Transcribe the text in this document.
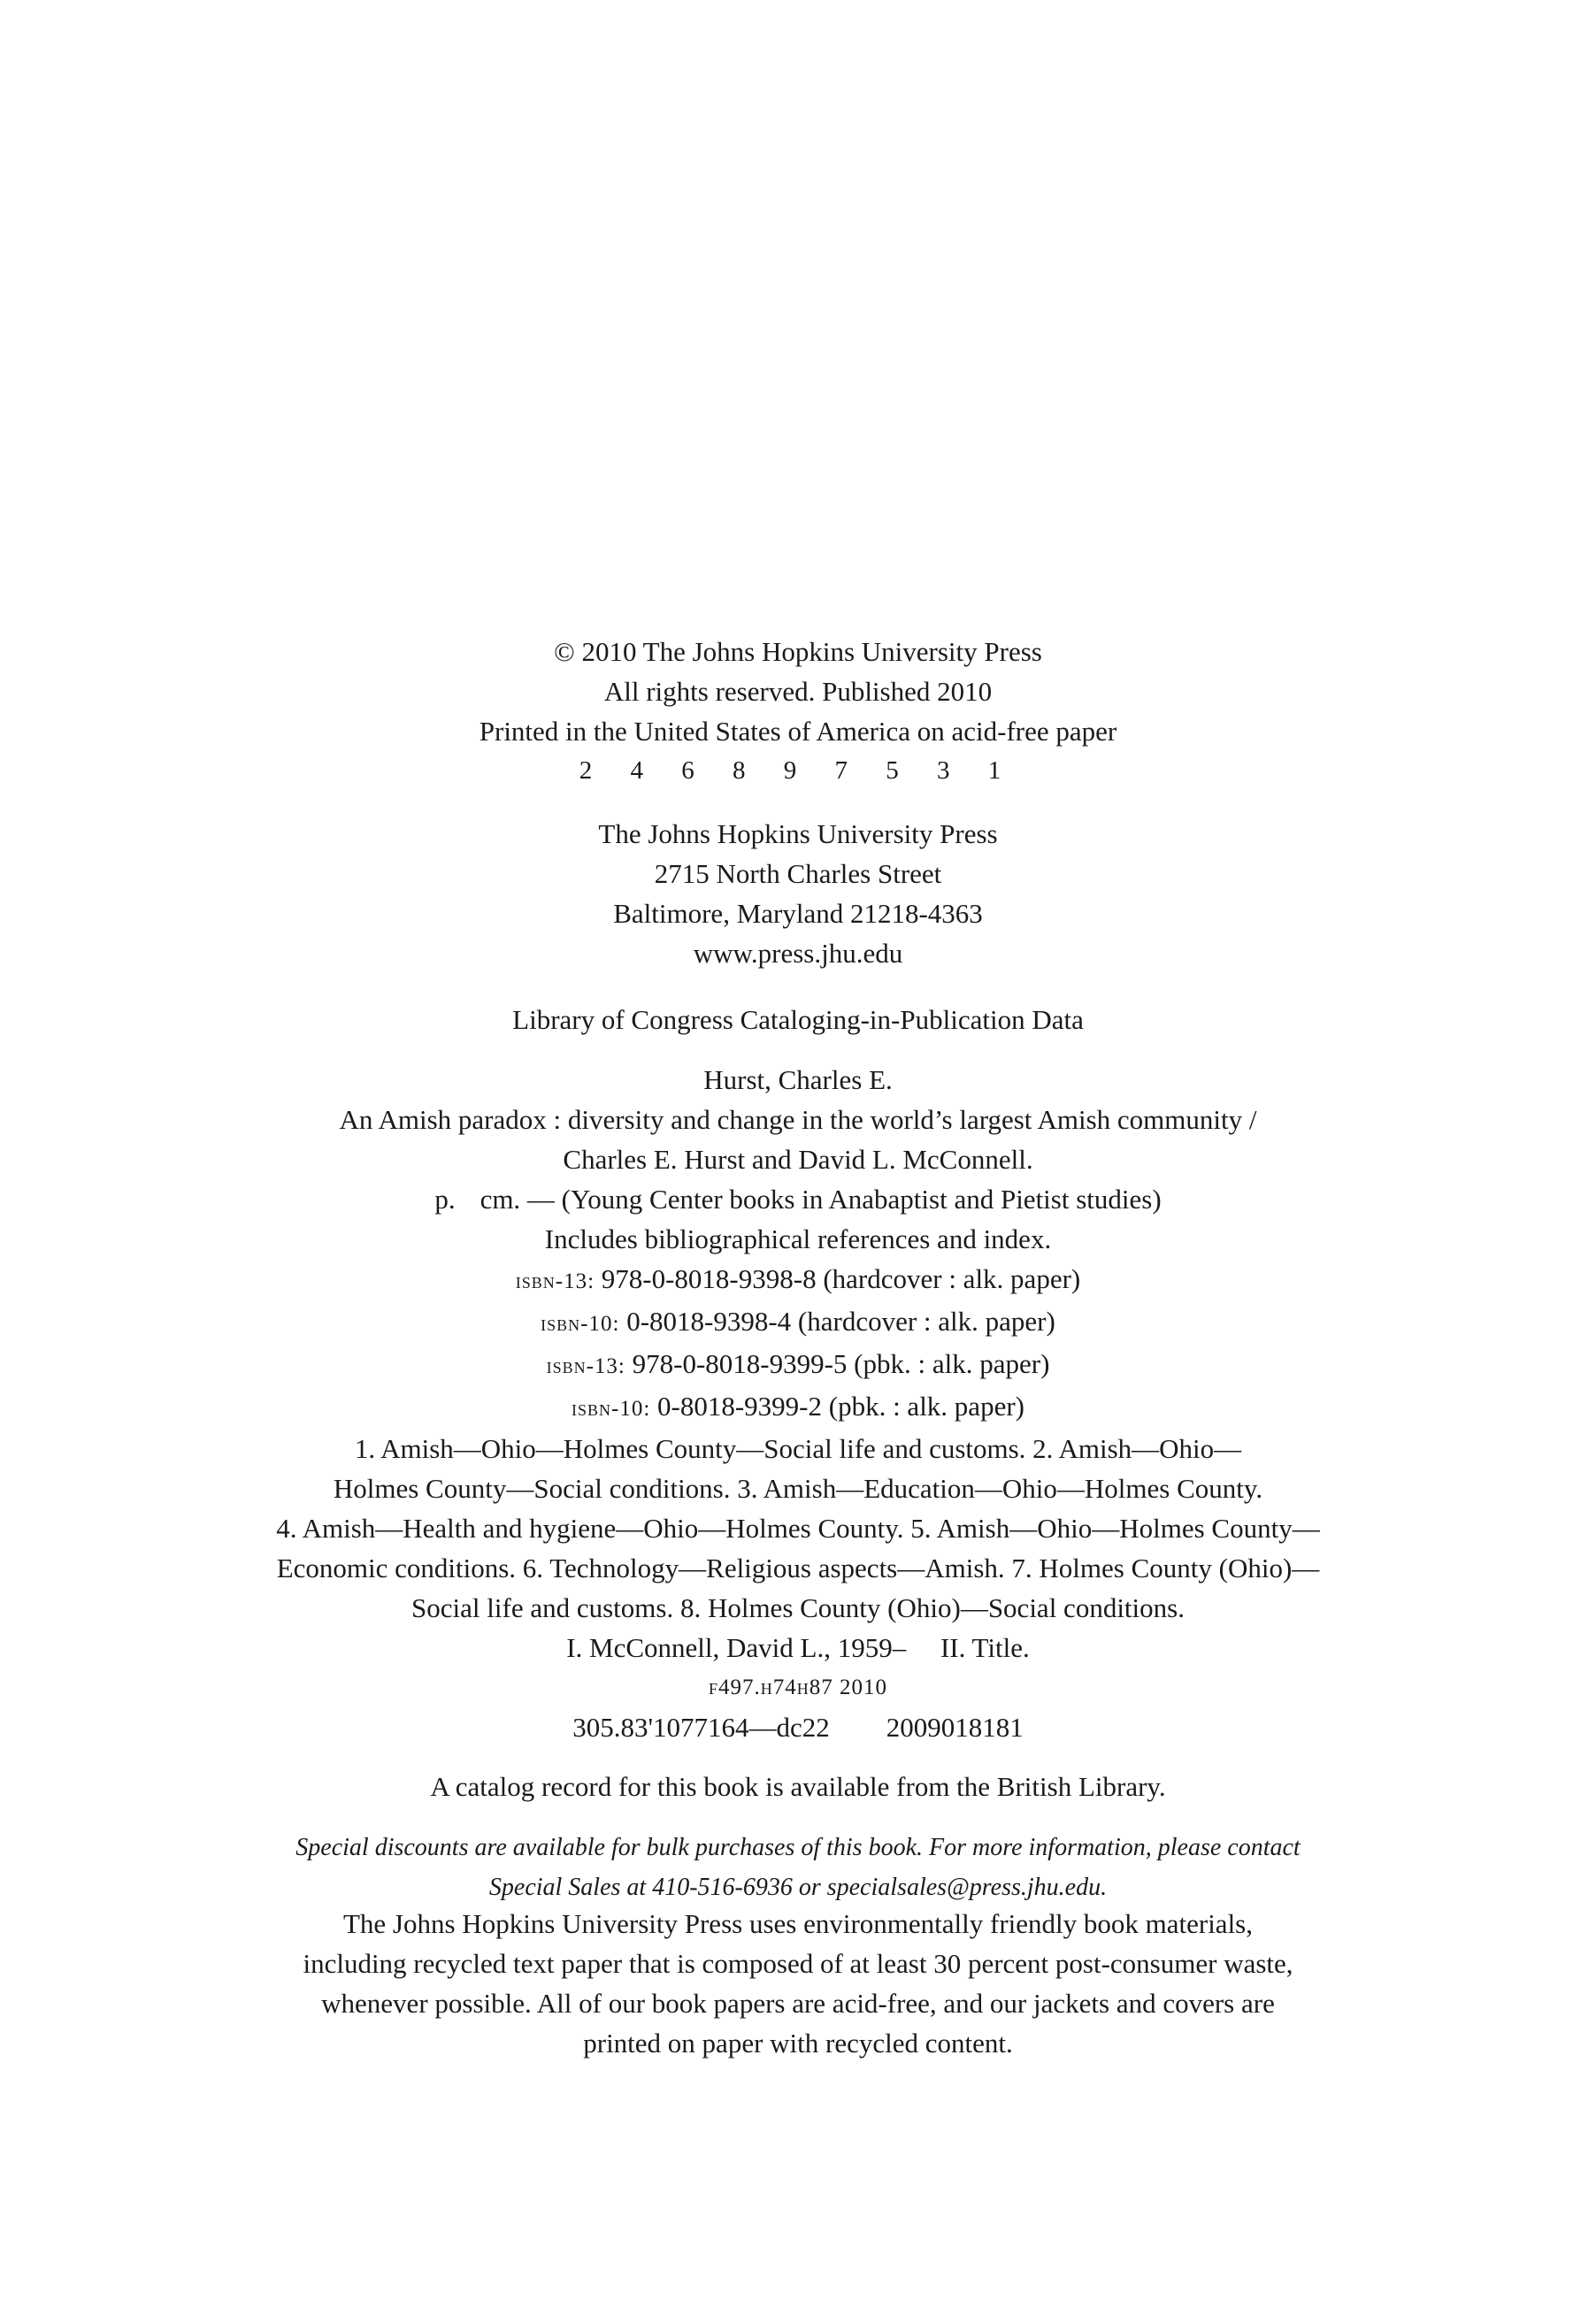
© 2010 The Johns Hopkins University Press
All rights reserved. Published 2010
Printed in the United States of America on acid-free paper
2 4 6 8 9 7 5 3 1
The Johns Hopkins University Press
2715 North Charles Street
Baltimore, Maryland 21218-4363
www.press.jhu.edu
Library of Congress Cataloging-in-Publication Data
Hurst, Charles E.
An Amish paradox : diversity and change in the world’s largest Amish community /
Charles E. Hurst and David L. McConnell.
p. cm. — (Young Center books in Anabaptist and Pietist studies)
Includes bibliographical references and index.
isbn-13: 978-0-8018-9398-8 (hardcover : alk. paper)
isbn-10: 0-8018-9398-4 (hardcover : alk. paper)
isbn-13: 978-0-8018-9399-5 (pbk. : alk. paper)
isbn-10: 0-8018-9399-2 (pbk. : alk. paper)
1. Amish—Ohio—Holmes County—Social life and customs. 2. Amish—Ohio—
Holmes County—Social conditions. 3. Amish—Education—Ohio—Holmes County.
4. Amish—Health and hygiene—Ohio—Holmes County. 5. Amish—Ohio—Holmes County—
Economic conditions. 6. Technology—Religious aspects—Amish. 7. Holmes County (Ohio)—
Social life and customs. 8. Holmes County (Ohio)—Social conditions.
I. McConnell, David L., 1959–     II. Title.
f497.h74h87 2010
305.83'1077164—dc22 2009018181
A catalog record for this book is available from the British Library.
Special discounts are available for bulk purchases of this book. For more information, please contact
Special Sales at 410-516-6936 or specialsales@press.jhu.edu.
The Johns Hopkins University Press uses environmentally friendly book materials,
including recycled text paper that is composed of at least 30 percent post-consumer waste,
whenever possible. All of our book papers are acid-free, and our jackets and covers are
printed on paper with recycled content.
